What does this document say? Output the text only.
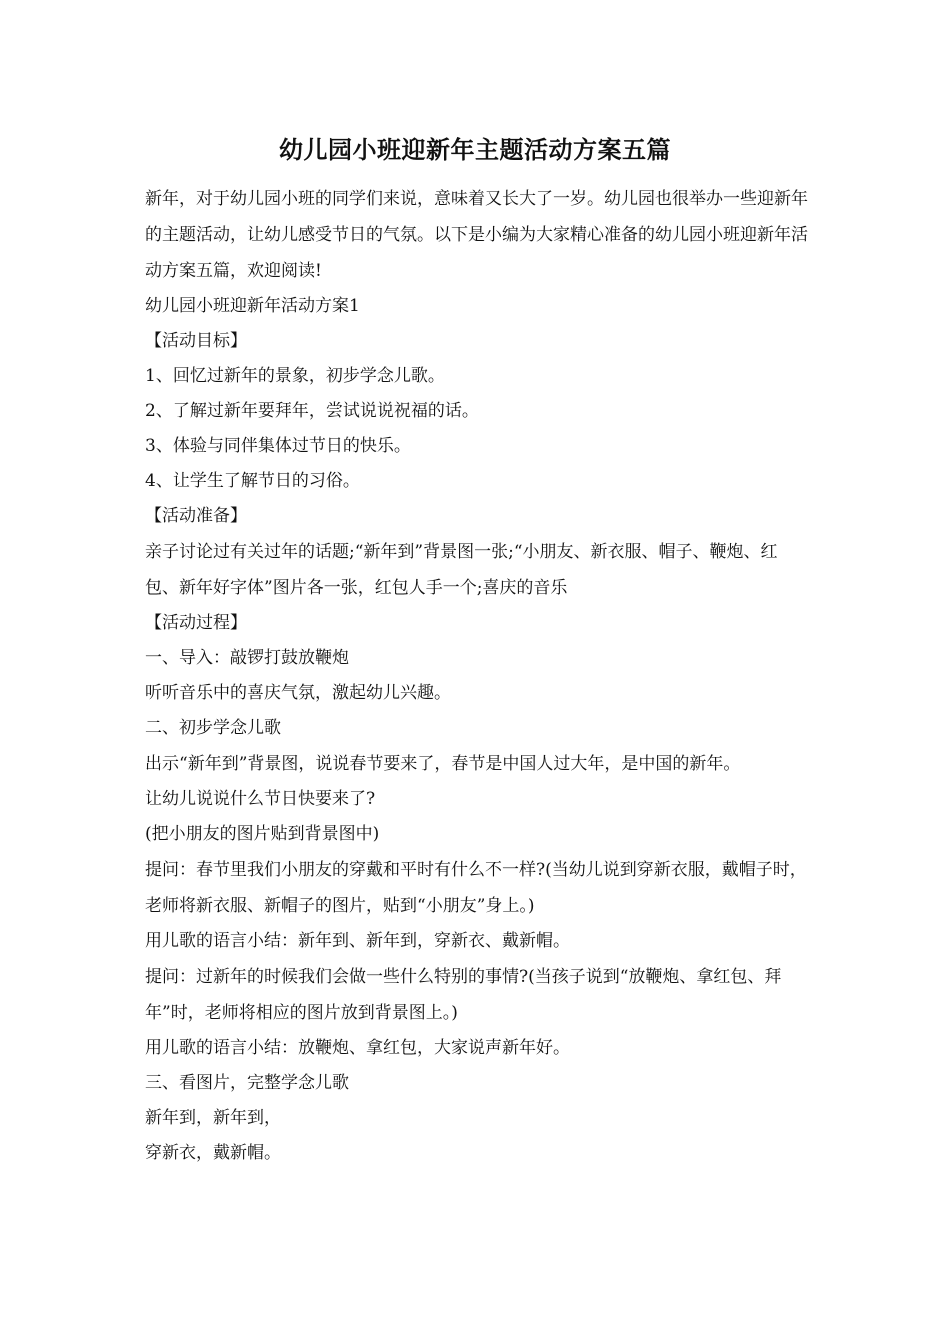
幼儿园小班迎新年主题活动方案五篇

新年，对于幼儿园小班的同学们来说，意味着又长大了一岁。幼儿园也很举办一些迎新年的主题活动，让幼儿感受节日的气氛。以下是小编为大家精心准备的幼儿园小班迎新年活动方案五篇，欢迎阅读!

幼儿园小班迎新年活动方案1

【活动目标】

1、回忆过新年的景象，初步学念儿歌。

2、了解过新年要拜年，尝试说说祝福的话。

3、体验与同伴集体过节日的快乐。

4、让学生了解节日的习俗。

【活动准备】

亲子讨论过有关过年的话题;“新年到”背景图一张;“小朋友、新衣服、帽子、鞭炮、红包、新年好字体”图片各一张，红包人手一个;喜庆的音乐

【活动过程】

一、导入：敲锣打鼓放鞭炮

听听音乐中的喜庆气氛，激起幼儿兴趣。

二、初步学念儿歌

出示“新年到”背景图，说说春节要来了，春节是中国人过大年，是中国的新年。

让幼儿说说什么节日快要来了?

(把小朋友的图片贴到背景图中)

提问：春节里我们小朋友的穿戴和平时有什么不一样?(当幼儿说到穿新衣服，戴帽子时，老师将新衣服、新帽子的图片，贴到“小朋友”身上。)

用儿歌的语言小结：新年到、新年到，穿新衣、戴新帽。

提问：过新年的时候我们会做一些什么特别的事情?(当孩子说到“放鞭炮、拿红包、拜年”时，老师将相应的图片放到背景图上。)

用儿歌的语言小结：放鞭炮、拿红包，大家说声新年好。

三、看图片，完整学念儿歌

新年到，新年到，

穿新衣，戴新帽。
